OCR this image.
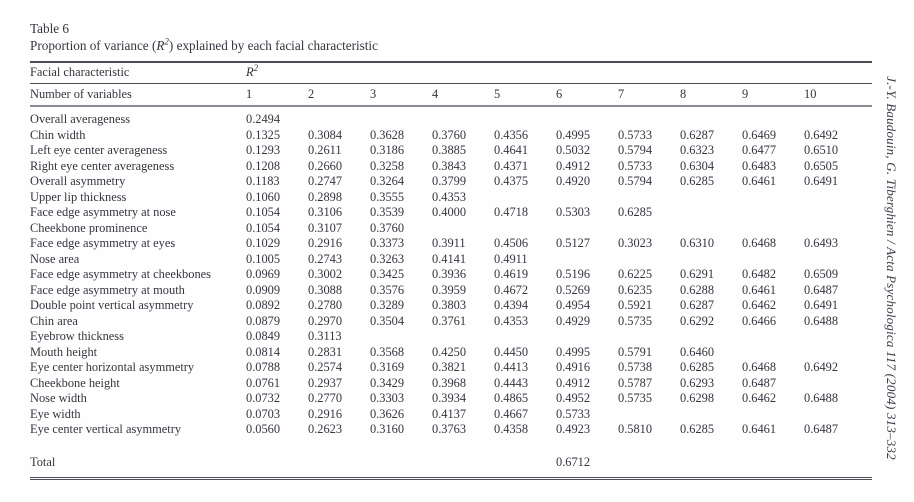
Table 6
Proportion of variance $(R^2)$ explained by each facial characteristic
Facial characteristic	$R^2$
Number of variables	1	2	3	4	5	6	7	8	9	10
Overall averageness	0.2494									
Chin width	0.1325	0.3084	0.3628	0.3760	0.4356	0.4995	0.5733	0.6287	0.6469	0.6492
Left eye center averageness	0.1293	0.2611	0.3186	0.3885	0.4641	0.5032	0.5794	0.6323	0.6477	0.6510
Right eye center averageness	0.1208	0.2660	0.3258	0.3843	0.4371	0.4912	0.5733	0.6304	0.6483	0.6505
Overall asymmetry	0.1183	0.2747	0.3264	0.3799	0.4375	0.4920	0.5794	0.6285	0.6461	0.6491
Upper lip thickness	0.1060	0.2898	0.3555	0.4353						
Face edge asymmetry at nose	0.1054	0.3106	0.3539	0.4000	0.4718	0.5303	0.6285			
Cheekbone prominence	0.1054	0.3107	0.3760							
Face edge asymmetry at eyes	0.1029	0.2916	0.3373	0.3911	0.4506	0.5127	0.3023	0.6310	0.6468	0.6493
Nose area	0.1005	0.2743	0.3263	0.4141	0.4911					
Face edge asymmetry at cheekbones	0.0969	0.3002	0.3425	0.3936	0.4619	0.5196	0.6225	0.6291	0.6482	0.6509
Face edge asymmetry at mouth	0.0909	0.3088	0.3576	0.3959	0.4672	0.5269	0.6235	0.6288	0.6461	0.6487
Double point vertical asymmetry	0.0892	0.2780	0.3289	0.3803	0.4394	0.4954	0.5921	0.6287	0.6462	0.6491
Chin area	0.0879	0.2970	0.3504	0.3761	0.4353	0.4929	0.5735	0.6292	0.6466	0.6488
Eyebrow thickness	0.0849	0.3113								
Mouth height	0.0814	0.2831	0.3568	0.4250	0.4450	0.4995	0.5791	0.6460		
Eye center horizontal asymmetry	0.0788	0.2574	0.3169	0.3821	0.4413	0.4916	0.5738	0.6285	0.6468	0.6492
Cheekbone height	0.0761	0.2937	0.3429	0.3968	0.4443	0.4912	0.5787	0.6293	0.6487	
Nose width	0.0732	0.2770	0.3303	0.3934	0.4865	0.4952	0.5735	0.6298	0.6462	0.6488
Eye width	0.0703	0.2916	0.3626	0.4137	0.4667	0.5733				
Eye center vertical asymmetry	0.0560	0.2623	0.3160	0.3763	0.4358	0.4923	0.5810	0.6285	0.6461	0.6487

Total						0.6712				
J.-Y. Baudouin, G. Tiberghien / Acta Psychologica 117 (2004) 313–332
